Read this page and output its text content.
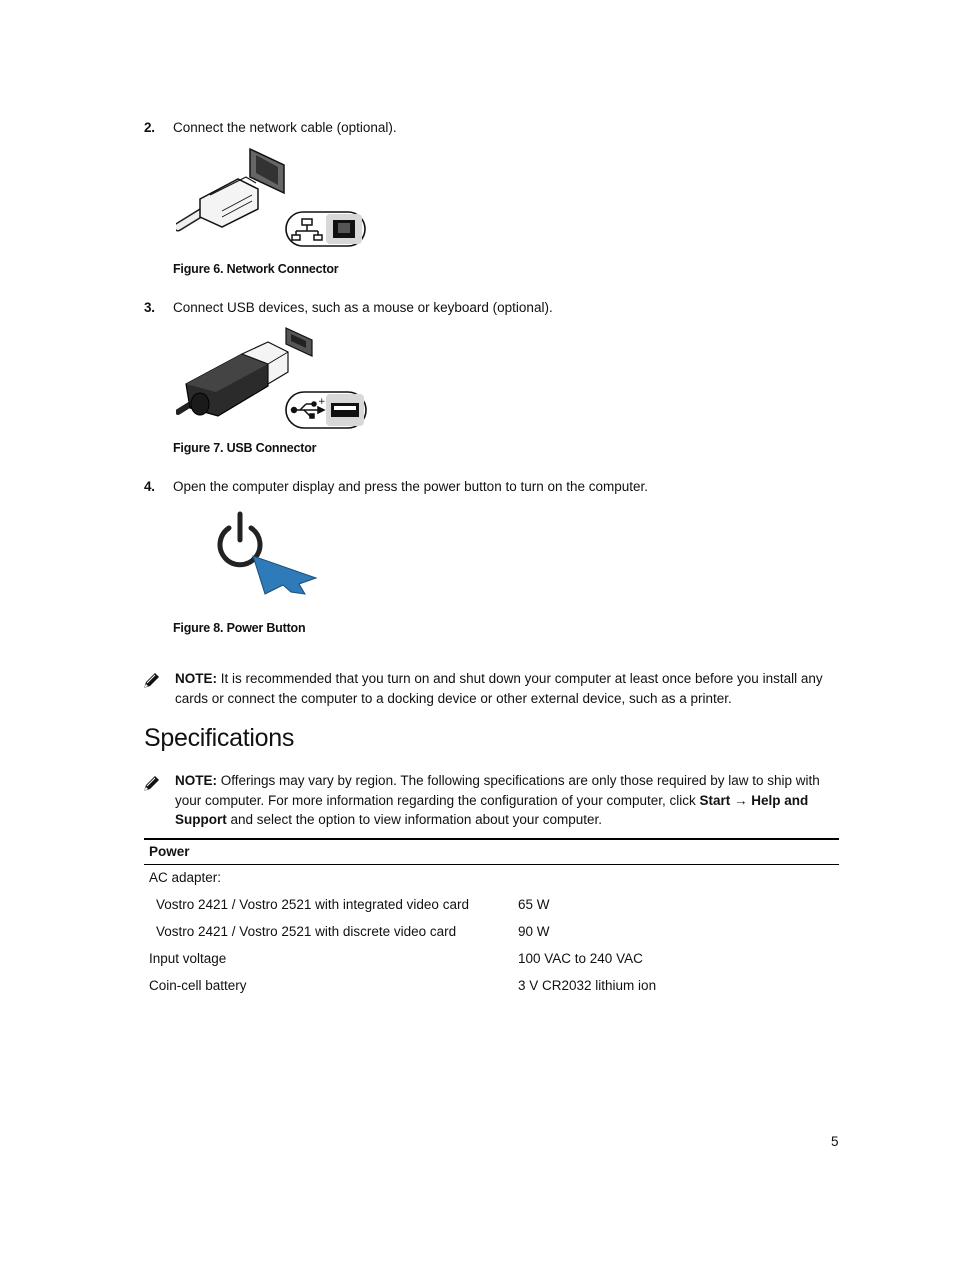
2. Connect the network cable (optional).
Figure 6. Network Connector
3. Connect USB devices, such as a mouse or keyboard (optional).
+
Figure 7. USB Connector
4. Open the computer display and press the power button to turn on the computer.
Figure 8. Power Button
NOTE: It is recommended that you turn on and shut down your computer at least once before you install any cards or connect the computer to a docking device or other external device, such as a printer.
Specifications
NOTE: Offerings may vary by region. The following specifications are only those required by law to ship with your computer. For more information regarding the configuration of your computer, click Start → Help and Support and select the option to view information about your computer.
Power
AC adapter:
Vostro 2421 / Vostro 2521 with integrated video card	65 W
Vostro 2421 / Vostro 2521 with discrete video card	90 W
Input voltage	100 VAC to 240 VAC
Coin-cell battery	3 V CR2032 lithium ion
5
